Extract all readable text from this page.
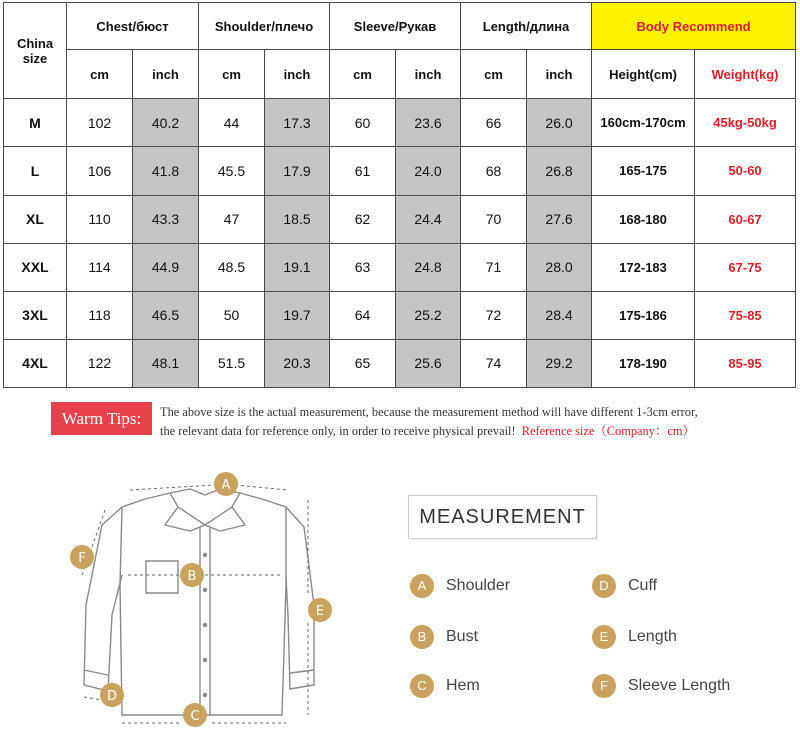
China
size	Chest/бюст		Shoulder/плечо		Sleeve/Рукав		Length/длина		Body Recommend	
	cm	inch	cm	inch	cm	inch	cm	inch	Height(cm)	Weight(kg)
M	102	40.2	44	17.3	60	23.6	66	26.0	160cm-170cm	45kg-50kg
L	106	41.8	45.5	17.9	61	24.0	68	26.8	165-175	50-60
XL	110	43.3	47	18.5	62	24.4	70	27.6	168-180	60-67
XXL	114	44.9	48.5	19.1	63	24.8	71	28.0	172-183	67-75
3XL	118	46.5	50	19.7	64	25.2	72	28.4	175-186	75-85
4XL	122	48.1	51.5	20.3	65	25.6	74	29.2	178-190	85-95
Warm Tips:	The above size is the actual measurement, because the measurement method will have different 1-3cm error,
the relevant data for reference only, in order to receive physical prevail! Reference size（Company：cm）
A
B
C
D
E
F
MEASUREMENT
A	Shoulder
B	Bust
C	Hem
D	Cuff
E	Length
F	Sleeve Length
